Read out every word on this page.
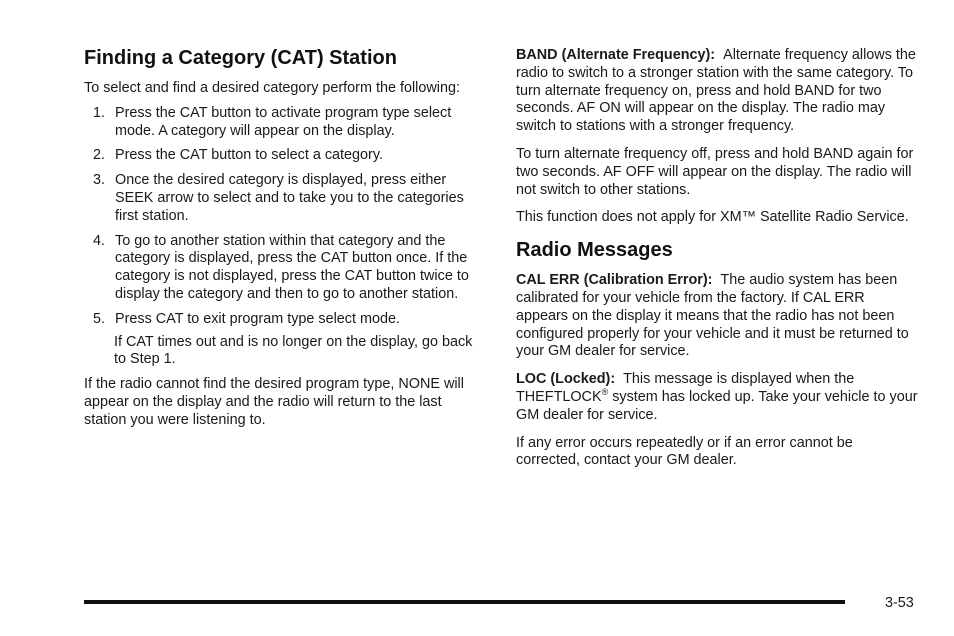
Finding a Category (CAT) Station

To select and find a desired category perform the following:

1. Press the CAT button to activate program type select mode. A category will appear on the display.
2. Press the CAT button to select a category.
3. Once the desired category is displayed, press either SEEK arrow to select and to take you to the categories first station.
4. To go to another station within that category and the category is displayed, press the CAT button once. If the category is not displayed, press the CAT button twice to display the category and then to go to another station.
5. Press CAT to exit program type select mode.
If CAT times out and is no longer on the display, go back to Step 1.

If the radio cannot find the desired program type, NONE will appear on the display and the radio will return to the last station you were listening to.

BAND (Alternate Frequency): Alternate frequency allows the radio to switch to a stronger station with the same category. To turn alternate frequency on, press and hold BAND for two seconds. AF ON will appear on the display. The radio may switch to stations with a stronger frequency.

To turn alternate frequency off, press and hold BAND again for two seconds. AF OFF will appear on the display. The radio will not switch to other stations.

This function does not apply for XM™ Satellite Radio Service.

Radio Messages

CAL ERR (Calibration Error): The audio system has been calibrated for your vehicle from the factory. If CAL ERR appears on the display it means that the radio has not been configured properly for your vehicle and it must be returned to your GM dealer for service.

LOC (Locked): This message is displayed when the THEFTLOCK® system has locked up. Take your vehicle to your GM dealer for service.

If any error occurs repeatedly or if an error cannot be corrected, contact your GM dealer.

3-53
